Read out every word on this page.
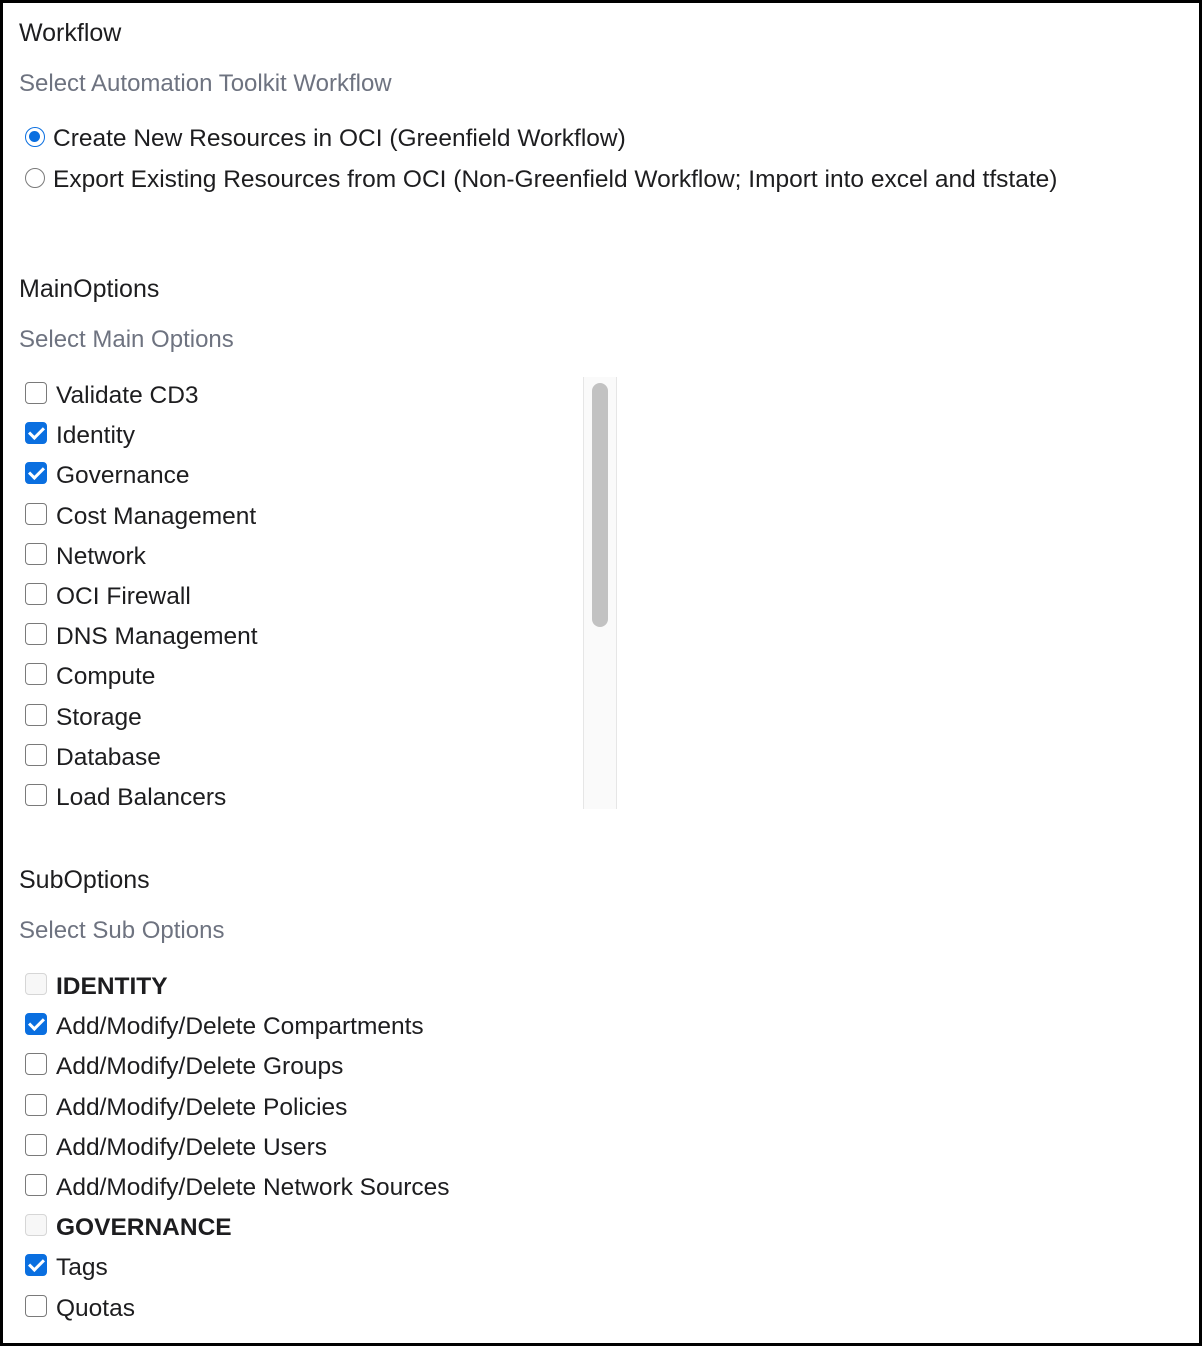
Workflow
Select Automation Toolkit Workflow
Create New Resources in OCI (Greenfield Workflow)
Export Existing Resources from OCI (Non-Greenfield Workflow; Import into excel and tfstate)
MainOptions
Select Main Options
Validate CD3
Identity
Governance
Cost Management
Network
OCI Firewall
DNS Management
Compute
Storage
Database
Load Balancers
SubOptions
Select Sub Options
IDENTITY
Add/Modify/Delete Compartments
Add/Modify/Delete Groups
Add/Modify/Delete Policies
Add/Modify/Delete Users
Add/Modify/Delete Network Sources
GOVERNANCE
Tags
Quotas
